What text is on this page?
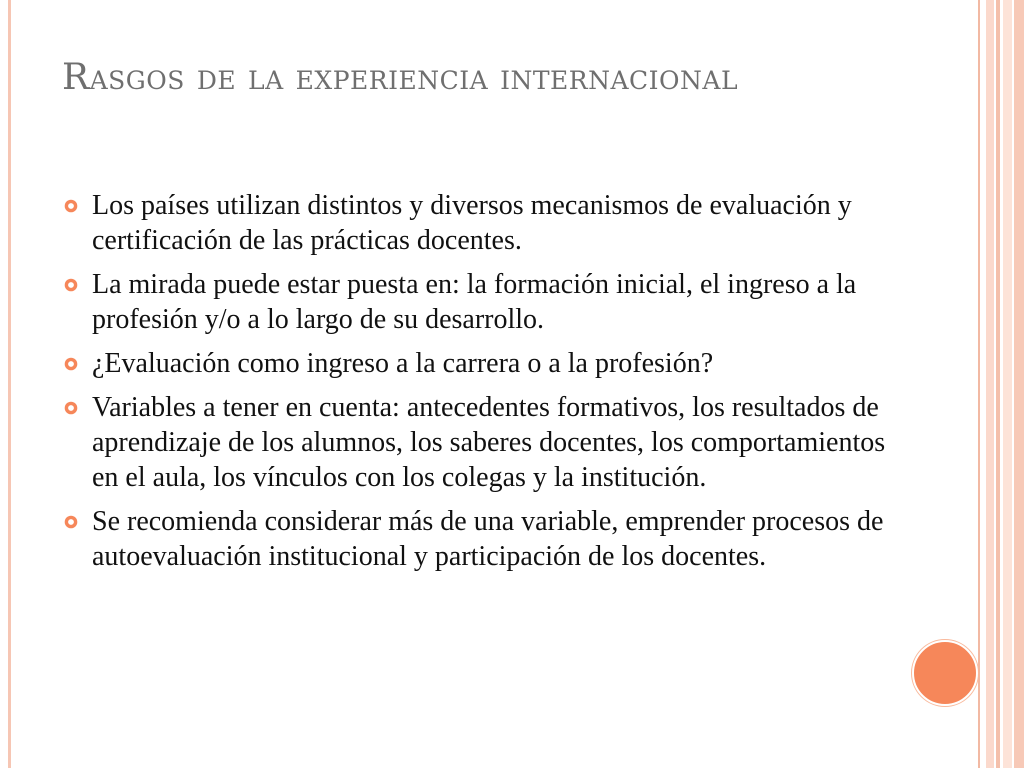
Rasgos de la experiencia internacional
Los países utilizan distintos y diversos mecanismos de evaluación y certificación de las prácticas docentes.
La mirada puede estar puesta en: la formación inicial, el ingreso a la profesión y/o a lo largo de su desarrollo.
¿Evaluación como ingreso a la carrera o a la profesión?
Variables a tener en cuenta: antecedentes formativos, los resultados de aprendizaje de los alumnos, los saberes docentes, los comportamientos en el aula, los vínculos con los colegas y la institución.
Se recomienda considerar más de una variable, emprender procesos de autoevaluación institucional y participación de los docentes.
